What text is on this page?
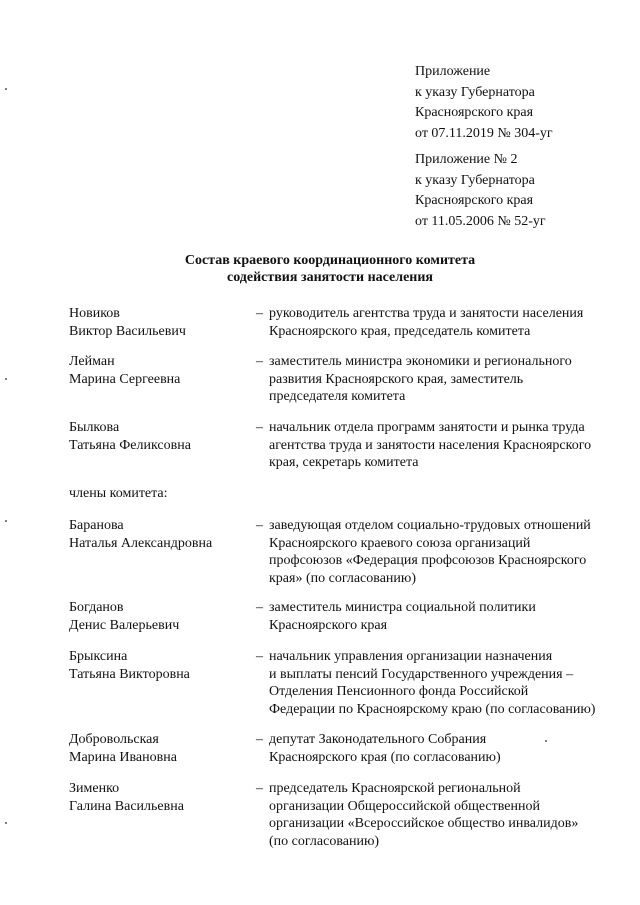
Приложение
к указу Губернатора
Красноярского края
от 07.11.2019 № 304-уг
Приложение № 2
к указу Губернатора
Красноярского края
от 11.05.2006 № 52-уг
Состав краевого координационного комитета
содействия занятости населения
Новиков
Виктор Васильевич
– руководитель агентства труда и занятости населения
Красноярского края, председатель комитета
Лейман
Марина Сергеевна
– заместитель министра экономики и регионального
развития Красноярского края, заместитель
председателя комитета
Былкова
Татьяна Феликсовна
– начальник отдела программ занятости и рынка труда
агентства труда и занятости населения Красноярского
края, секретарь комитета
члены комитета:
Баранова
Наталья Александровна
– заведующая отделом социально-трудовых отношений
Красноярского краевого союза организаций
профсоюзов «Федерация профсоюзов Красноярского
края» (по согласованию)
Богданов
Денис Валерьевич
– заместитель министра социальной политики
Красноярского края
Брыксина
Татьяна Викторовна
– начальник управления организации назначения
и выплаты пенсий Государственного учреждения –
Отделения Пенсионного фонда Российской
Федерации по Красноярскому краю (по согласованию)
Добровольская
Марина Ивановна
– депутат Законодательного Собрания
Красноярского края (по согласованию)
Зименко
Галина Васильевна
– председатель Красноярской региональной
организации Общероссийской общественной
организации «Всероссийское общество инвалидов»
(по согласованию)
